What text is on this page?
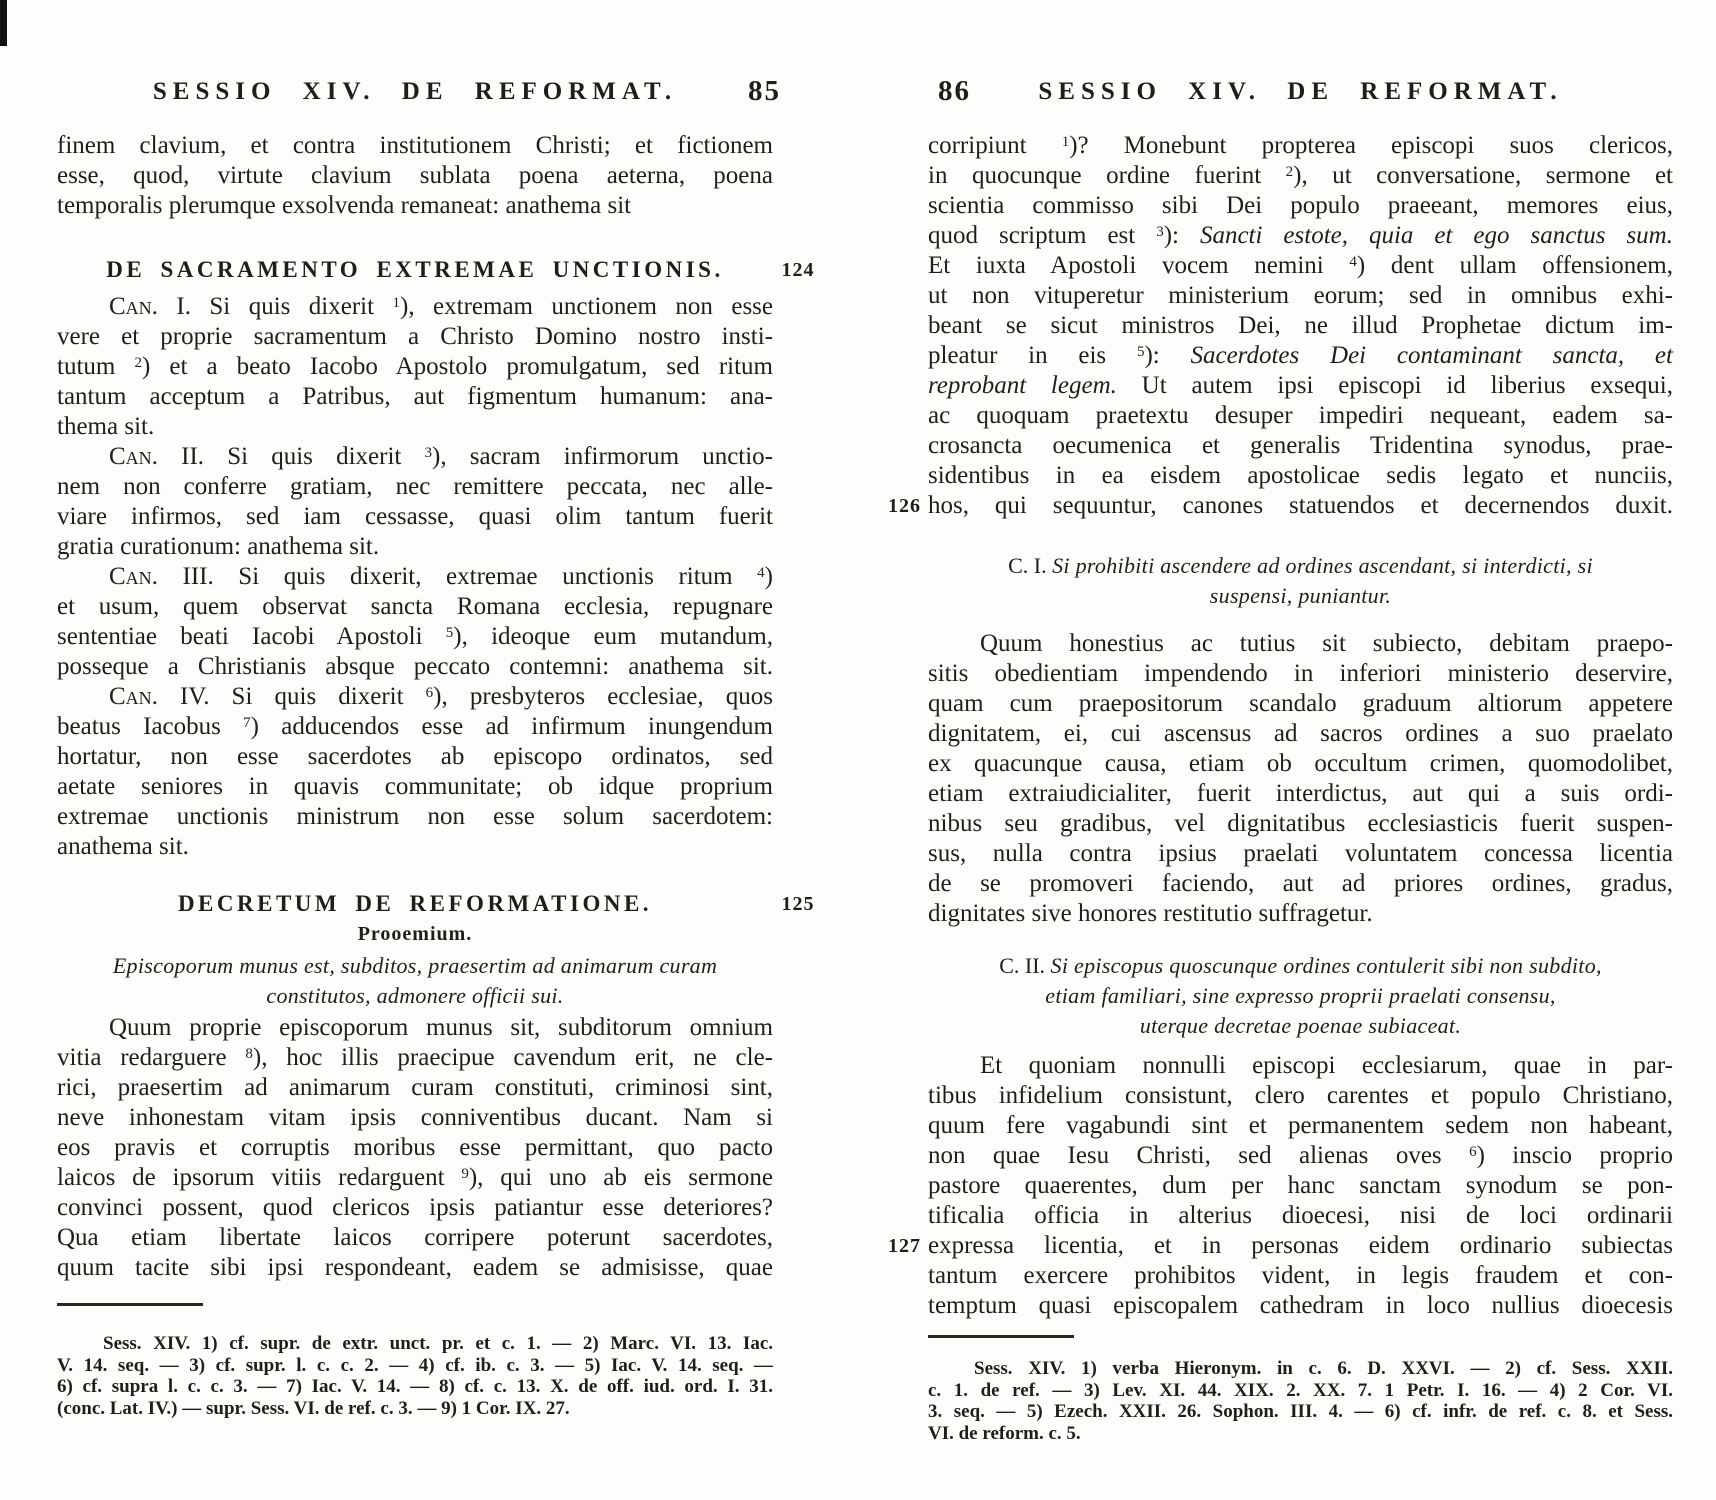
SESSIO XIV. DE REFORMAT. 85
finem clavium, et contra institutionem Christi; et fictionem
esse, quod, virtute clavium sublata poena aeterna, poena
temporalis plerumque exsolvenda remaneat: anathema sit
DE SACRAMENTO EXTREMAE UNCTIONIS.	124
Can. I. Si quis dixerit $^1$), extremam unctionem non esse
vere et proprie sacramentum a Christo Domino nostro insti-
tutum $^2$) et a beato Iacobo Apostolo promulgatum, sed ritum
tantum acceptum a Patribus, aut figmentum humanum: ana-
thema sit.
Can. II. Si quis dixerit $^3$), sacram infirmorum unctio-
nem non conferre gratiam, nec remittere peccata, nec alle-
viare infirmos, sed iam cessasse, quasi olim tantum fuerit
gratia curationum: anathema sit.
Can. III. Si quis dixerit, extremae unctionis ritum $^4$)
et usum, quem observat sancta Romana ecclesia, repugnare
sententiae beati Iacobi Apostoli $^5$), ideoque eum mutandum,
posseque a Christianis absque peccato contemni: anathema sit.
Can. IV. Si quis dixerit $^6$), presbyteros ecclesiae, quos
beatus Iacobus $^7$) adducendos esse ad infirmum inungendum
hortatur, non esse sacerdotes ab episcopo ordinatos, sed
aetate seniores in quavis communitate; ob idque proprium
extremae unctionis ministrum non esse solum sacerdotem:
anathema sit.
DECRETUM DE REFORMATIONE.	125
Prooemium.
Episcoporum munus est, subditos, praesertim ad animarum curam
constitutos, admonere officii sui.
Quum proprie episcoporum munus sit, subditorum omnium
vitia redarguere $^8$), hoc illis praecipue cavendum erit, ne cle-
rici, praesertim ad animarum curam constituti, criminosi sint,
neve inhonestam vitam ipsis conniventibus ducant. Nam si
eos pravis et corruptis moribus esse permittant, quo pacto
laicos de ipsorum vitiis redarguent $^9$), qui uno ab eis sermone
convinci possent, quod clericos ipsis patiantur esse deteriores?
Qua etiam libertate laicos corripere poterunt sacerdotes,
quum tacite sibi ipsi respondeant, eadem se admisisse, quae
Sess. XIV. 1) cf. supr. de extr. unct. pr. et c. 1. — 2) Marc. VI. 13. Iac.
V. 14. seq. — 3) cf. supr. l. c. c. 2. — 4) cf. ib. c. 3. — 5) Iac. V. 14. seq. —
6) cf. supra l. c. c. 3. — 7) Iac. V. 14. — 8) cf. c. 13. X. de off. iud. ord. I. 31.
(conc. Lat. IV.) — supr. Sess. VI. de ref. c. 3. — 9) 1 Cor. IX. 27.
86	SESSIO XIV. DE REFORMAT.
corripiunt $^1$)? Monebunt propterea episcopi suos clericos,
in quocunque ordine fuerint $^2$), ut conversatione, sermone et
scientia commisso sibi Dei populo praeeant, memores eius,
quod scriptum est $^3$): Sancti estote, quia et ego sanctus sum.
Et iuxta Apostoli vocem nemini $^4$) dent ullam offensionem,
ut non vituperetur ministerium eorum; sed in omnibus exhi-
beant se sicut ministros Dei, ne illud Prophetae dictum im-
pleatur in eis $^5$): Sacerdotes Dei contaminant sancta, et
reprobant legem. Ut autem ipsi episcopi id liberius exsequi,
ac quoquam praetextu desuper impediri nequeant, eadem sa-
crosancta oecumenica et generalis Tridentina synodus, prae-
sidentibus in ea eisdem apostolicae sedis legato et nunciis,
hos, qui sequuntur, canones statuendos et decernendos duxit.
126
C. I. Si prohibiti ascendere ad ordines ascendant, si interdicti, si
suspensi, puniantur.
Quum honestius ac tutius sit subiecto, debitam praepo-
sitis obedientiam impendendo in inferiori ministerio deservire,
quam cum praepositorum scandalo graduum altiorum appetere
dignitatem, ei, cui ascensus ad sacros ordines a suo praelato
ex quacunque causa, etiam ob occultum crimen, quomodolibet,
etiam extraiudicialiter, fuerit interdictus, aut qui a suis ordi-
nibus seu gradibus, vel dignitatibus ecclesiasticis fuerit suspen-
sus, nulla contra ipsius praelati voluntatem concessa licentia
de se promoveri faciendo, aut ad priores ordines, gradus,
dignitates sive honores restitutio suffragetur.
C. II. Si episcopus quoscunque ordines contulerit sibi non subdito,
etiam familiari, sine expresso proprii praelati consensu,
uterque decretae poenae subiaceat.
Et quoniam nonnulli episcopi ecclesiarum, quae in par-
tibus infidelium consistunt, clero carentes et populo Christiano,
quum fere vagabundi sint et permanentem sedem non habeant,
non quae Iesu Christi, sed alienas oves $^6$) inscio proprio
pastore quaerentes, dum per hanc sanctam synodum se pon-
tificalia officia in alterius dioecesi, nisi de loci ordinarii
expressa licentia, et in personas eidem ordinario subiectas
tantum exercere prohibitos vident, in legis fraudem et con-
temptum quasi episcopalem cathedram in loco nullius dioecesis
127
Sess. XIV. 1) verba Hieronym. in c. 6. D. XXVI. — 2) cf. Sess. XXII.
c. 1. de ref. — 3) Lev. XI. 44. XIX. 2. XX. 7. 1 Petr. I. 16. — 4) 2 Cor. VI.
3. seq. — 5) Ezech. XXII. 26. Sophon. III. 4. — 6) cf. infr. de ref. c. 8. et Sess.
VI. de reform. c. 5.
